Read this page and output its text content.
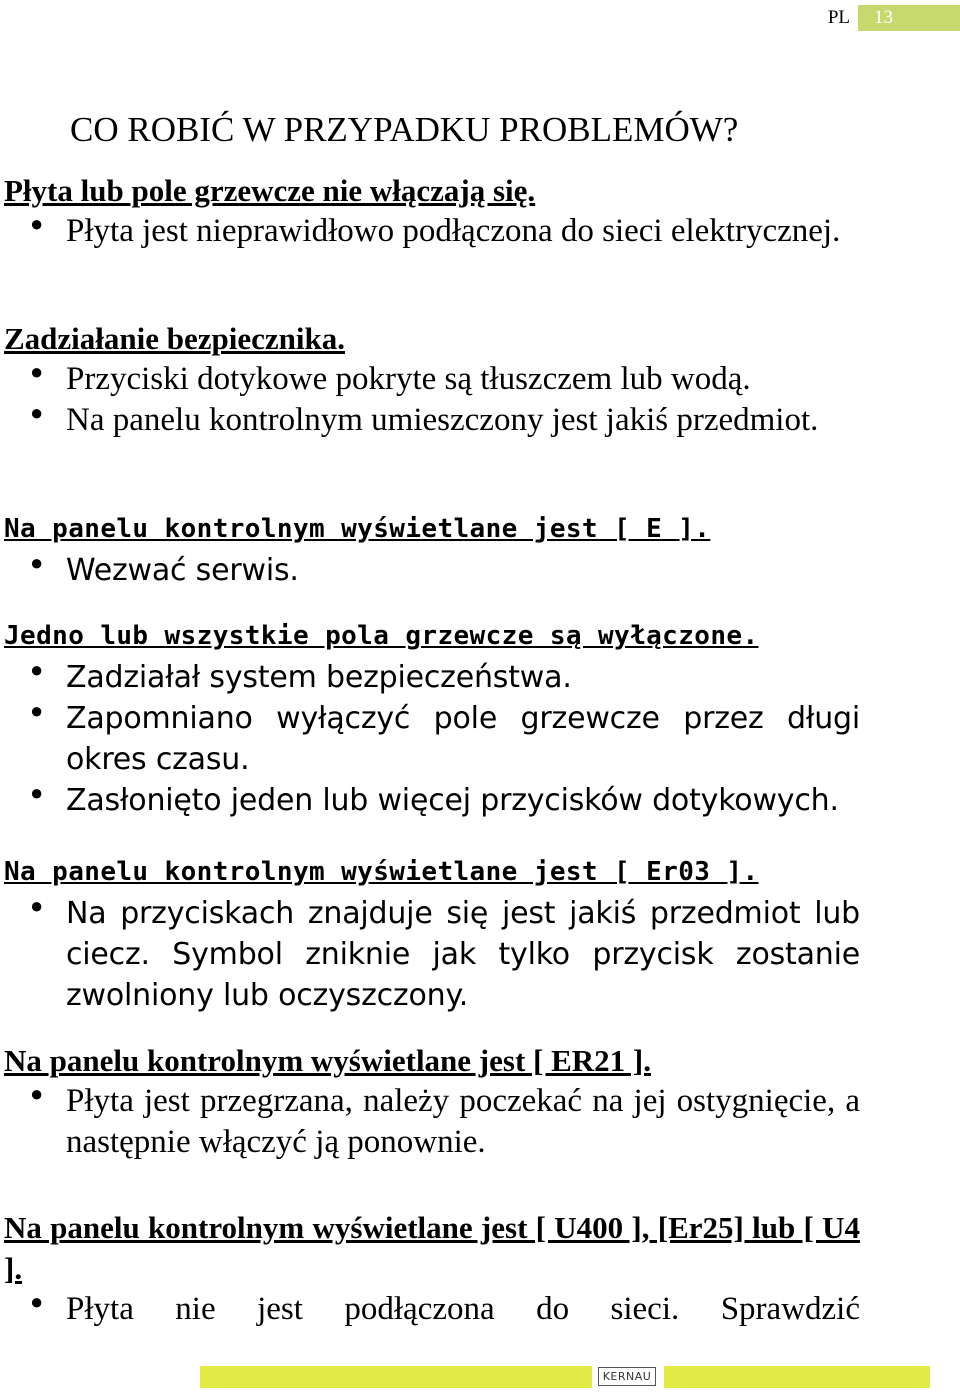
PL 13
CO ROBIĆ W PRZYPADKU PROBLEMÓW?

Płyta lub pole grzewcze nie włączają się.

● Płyta jest nieprawidłowo podłączona do sieci elektrycznej.

Zadziałanie bezpiecznika.

● Przyciski dotykowe pokryte są tłuszczem lub wodą.
● Na panelu kontrolnym umieszczony jest jakiś przedmiot.

Na panelu kontrolnym wyświetlane jest [ E ].

● Wezwać serwis.

Jedno lub wszystkie pola grzewcze są wyłączone.

● Zadziałał system bezpieczeństwa.
● Zapomniano wyłączyć pole grzewcze przez długi okres czasu.
● Zasłonięto jeden lub więcej przycisków dotykowych.

Na panelu kontrolnym wyświetlane jest [ Er03 ].

● Na przyciskach znajduje się jest jakiś przedmiot lub ciecz. Symbol zniknie jak tylko przycisk zostanie zwolniony lub oczyszczony.

Na panelu kontrolnym wyświetlane jest [ ER21 ].

● Płyta jest przegrzana, należy poczekać na jej ostygnięcie, a następnie włączyć ją ponownie.

Na panelu kontrolnym wyświetlane jest [ U400 ], [Er25] lub [ U4 ].

● Płyta nie jest podłączona do sieci. Sprawdzić
KERNAU
